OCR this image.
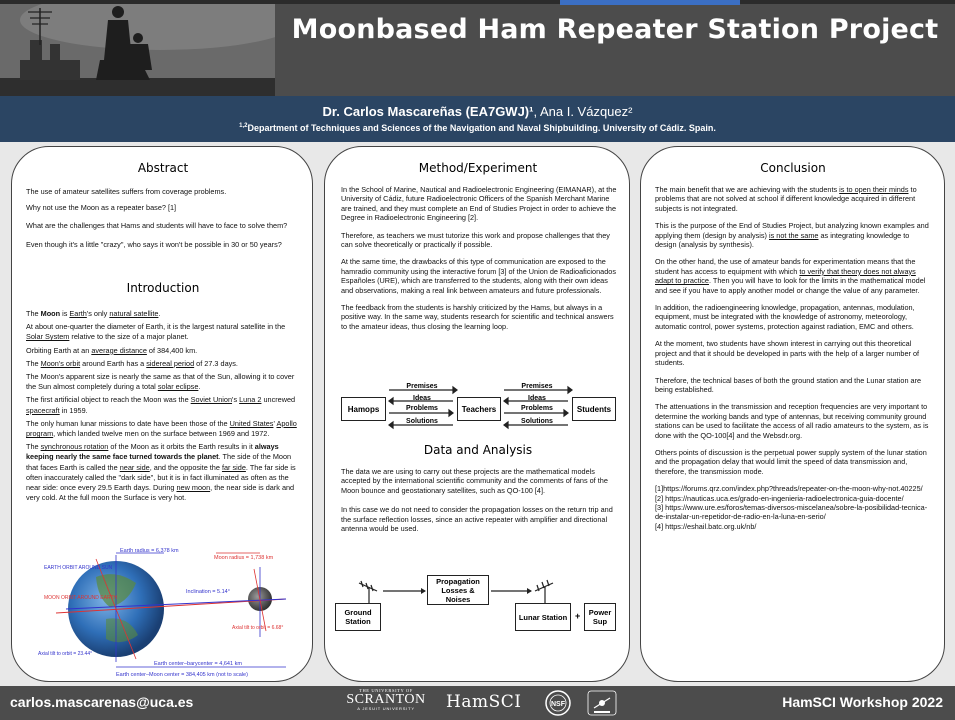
Moonbased Ham Repeater Station Project
Dr. Carlos Mascareñas (EA7GWJ)¹, Ana I. Vázquez²
$^{1,2}$Department of Techniques and Sciences of the Navigation and Naval Shipbuilding. University of Cádiz. Spain.
Abstract

The use of amateur satellites suffers from coverage problems.

Why not use the Moon as a repeater base? [1]

What are the challenges that Hams and students will have to face to solve them?

Even though it's a little "crazy", who says it won't be possible in 30 or 50 years?

Introduction

The Moon is Earth's only natural satellite.

At about one-quarter the diameter of Earth, it is the largest natural satellite in the Solar System relative to the size of a major planet.

Orbiting Earth at an average distance of 384,400 km.

The Moon's orbit around Earth has a sidereal period of 27.3 days.

The Moon's apparent size is nearly the same as that of the Sun, allowing it to cover the Sun almost completely during a total solar eclipse.

The first artificial object to reach the Moon was the Soviet Union's Luna 2 uncrewed spacecraft in 1959.

The only human lunar missions to date have been those of the United States' Apollo program, which landed twelve men on the surface between 1969 and 1972.

The synchronous rotation of the Moon as it orbits the Earth results in it always keeping nearly the same face turned towards the planet. The side of the Moon that faces Earth is called the near side, and the opposite the far side. The far side is often inaccurately called the "dark side", but it is in fact illuminated as often as the near side: once every 29.5 Earth days. During new moon, the near side is dark and very cold. At the full moon the Surface is very hot.

Earth radius = 6,378 km
Moon radius = 1,738 km
EARTH ORBIT AROUND SUN
MOON ORBIT AROUND EARTH
Inclination = 5.14°
Axial tilt to orbit = 6.68°
Axial tilt to orbit = 23.44°
Earth center–barycenter = 4,641 km
Earth center–Moon center = 384,405 km (not to scale)
Method/Experiment

In the School of Marine, Nautical and Radioelectronic Engineering (EIMANAR), at the University of Cádiz, future Radioelectronic Officers of the Spanish Merchant Marine are trained, and they must complete an End of Studies Project in order to achieve the Degree in Radioelectronic Engineering [2].

Therefore, as teachers we must tutorize this work and propose challenges that they can solve theoretically or practically if possible.

At the same time, the drawbacks of this type of communication are exposed to the hamradio community using the interactive forum [3] of the Union de Radioaficionados Españoles (URE), which are transferred to the students, along with their own ideas and observations, making a real link between amateurs and future professionals.

The feedback from the students is harshly criticized by the Hams, but always in a positive way. In the same way, students research for scientific and technical answers to the amateur ideas, thus closing the learning loop.

Hamops	Teachers	Students
Premises	Premises
Ideas	Ideas
Problems	Problems
Solutions	Solutions
Data and Analysis

The data we are using to carry out these projects are the mathematical models accepted by the international scientific community and the comments of fans of the Moon bounce and geostationary satellites, such as QO-100 [4].

In this case we do not need to consider the propagation losses on the return trip and the surface reflection losses, since an active repeater with amplifier and directional antenna would be used.

Propagation Losses & Noises
Ground Station	Lunar Station +	Power Sup
Conclusion

The main benefit that we are achieving with the students is to open their minds to problems that are not solved at school if different knowledge acquired in different subjects is not integrated.

This is the purpose of the End of Studies Project, but analyzing known examples and applying them (design by analysis) is not the same as integrating knowledge to design (analysis by synthesis).

On the other hand, the use of amateur bands for experimentation means that the student has access to equipment with which to verify that theory does not always adapt to practice. Then you will have to look for the limits in the mathematical model and see if you have to apply another model or change the value of any parameter.

In addition, the radioengineering knowledge, propagation, antennas, modulation, equipment, must be integrated with the knowledge of astronomy, meteorology, automatic control, power systems, protection against radiation, EMC and others.

At the moment, two students have shown interest in carrying out this theoretical project and that it should be developed in parts with the help of a larger number of students.

Therefore, the technical bases of both the ground station and the Lunar station are being established.

The attenuations in the transmission and reception frequencies are very important to determine the working bands and type of antennas, but receiving community ground stations can be used to facilitate the access of all radio amateurs to the system, as is done with the QO-100[4] and the Websdr.org.

Others points of discussion is the perpetual power supply system of the lunar station and the propagation delay that would limit the speed of data transmission and, therefore, the transmission mode.

[1]https://forums.qrz.com/index.php?threads/repeater-on-the-moon-why-not.40225/

[2] https://nauticas.uca.es/grado-en-ingenieria-radioelectronica-guia-docente/

[3] https://www.ure.es/foros/temas-diversos-miscelanea/sobre-la-posibilidad-tecnica-de-instalar-un-repetidor-de-radio-en-la-luna-en-serio/

[4] https://eshail.batc.org.uk/nb/

carlos.mascarenas@uca.es	HamSCI Workshop 2022
THE UNIVERSITY OF
SCRANTON
A JESUIT UNIVERSITY	HamSCI	NSF
